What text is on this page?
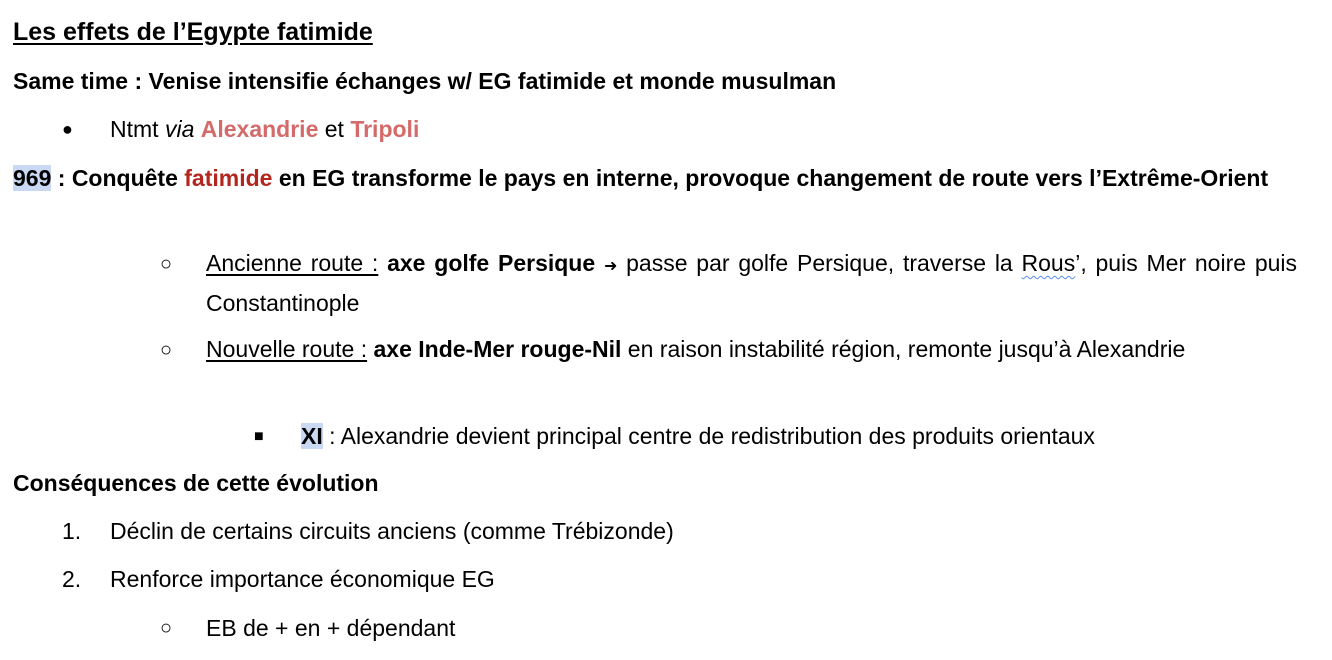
Les effets de l’Egypte fatimide
Same time : Venise intensifie échanges w/ EG fatimide et monde musulman
● Ntmt via Alexandrie et Tripoli
969 : Conquête fatimide en EG transforme le pays en interne, provoque changement de route vers l’Extrême-Orient
○ Ancienne route : axe golfe Persique ➜ passe par golfe Persique, traverse la Rous’, puis Mer noire puis Constantinople
○ Nouvelle route : axe Inde-Mer rouge-Nil en raison instabilité région, remonte jusqu’à Alexandrie
■ XI : Alexandrie devient principal centre de redistribution des produits orientaux
Conséquences de cette évolution
1. Déclin de certains circuits anciens (comme Trébizonde)
2. Renforce importance économique EG
○ EB de + en + dépendant
